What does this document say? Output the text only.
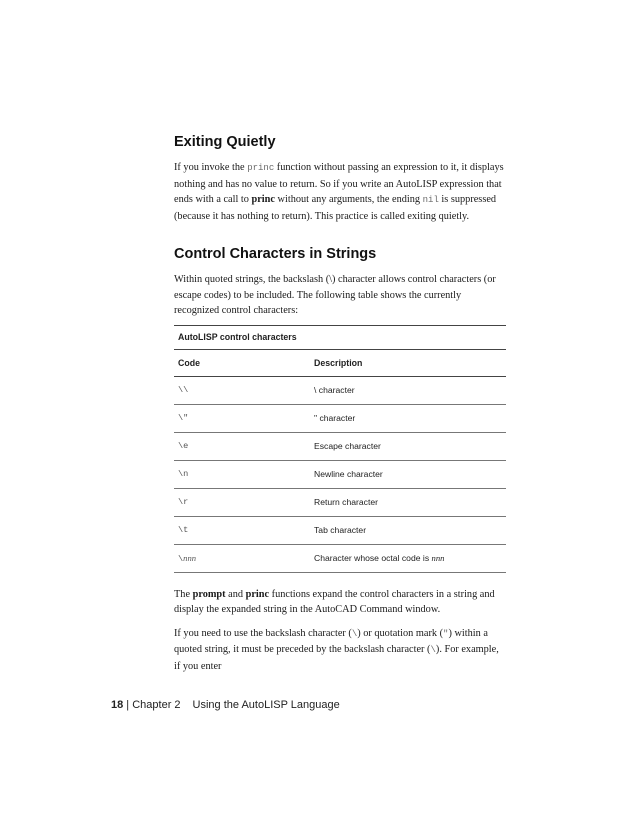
Exiting Quietly

If you invoke the princ function without passing an expression to it, it displays nothing and has no value to return. So if you write an AutoLISP expression that ends with a call to princ without any arguments, the ending nil is suppressed (because it has nothing to return). This practice is called exiting quietly.

Control Characters in Strings

Within quoted strings, the backslash (\) character allows control characters (or escape codes) to be included. The following table shows the currently recognized control characters:

AutoLISP control characters
Code	Description
\\	\ character
\"	" character
\e	Escape character
\n	Newline character
\r	Return character
\t	Tab character
\nnn	Character whose octal code is nnn

The prompt and princ functions expand the control characters in a string and display the expanded string in the AutoCAD Command window.

If you need to use the backslash character (\) or quotation mark (") within a quoted string, it must be preceded by the backslash character (\). For example, if you enter

18 | Chapter 2 Using the AutoLISP Language
